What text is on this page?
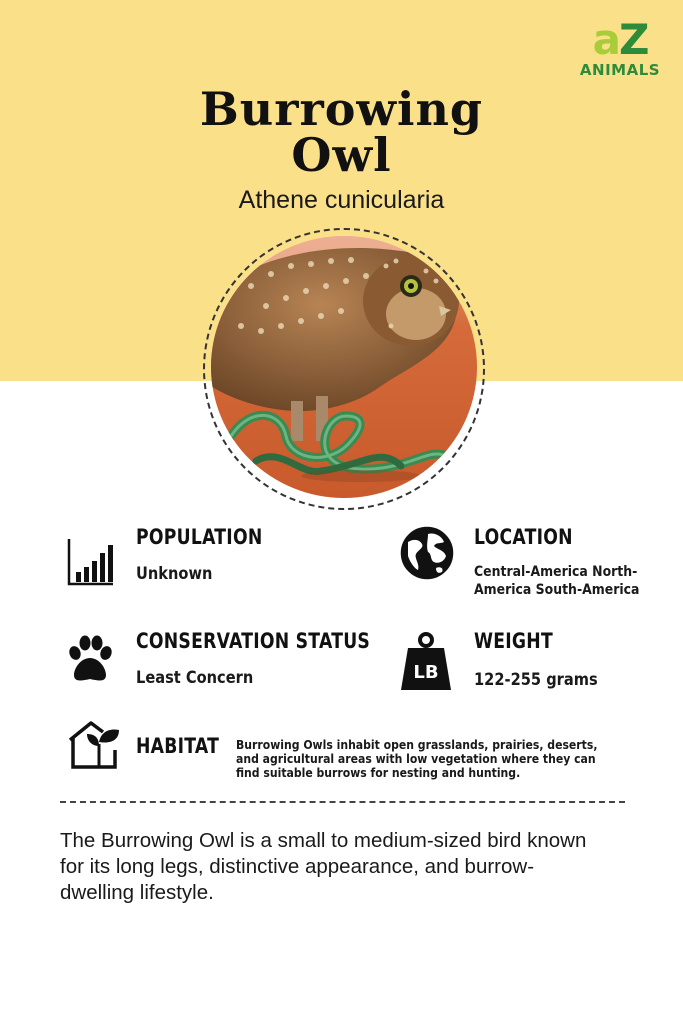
aZ
ANIMALS
Burrowing
Owl
Athene cunicularia
POPULATION
Unknown
LOCATION
Central-America North-
America South-America
CONSERVATION STATUS
Least Concern	LB
WEIGHT
122-255 grams
HABITAT Burrowing Owls inhabit open grasslands, prairies, deserts,
and agricultural areas with low vegetation where they can
find suitable burrows for nesting and hunting.
The Burrowing Owl is a small to medium-sized bird known
for its long legs, distinctive appearance, and burrow-
dwelling lifestyle.
